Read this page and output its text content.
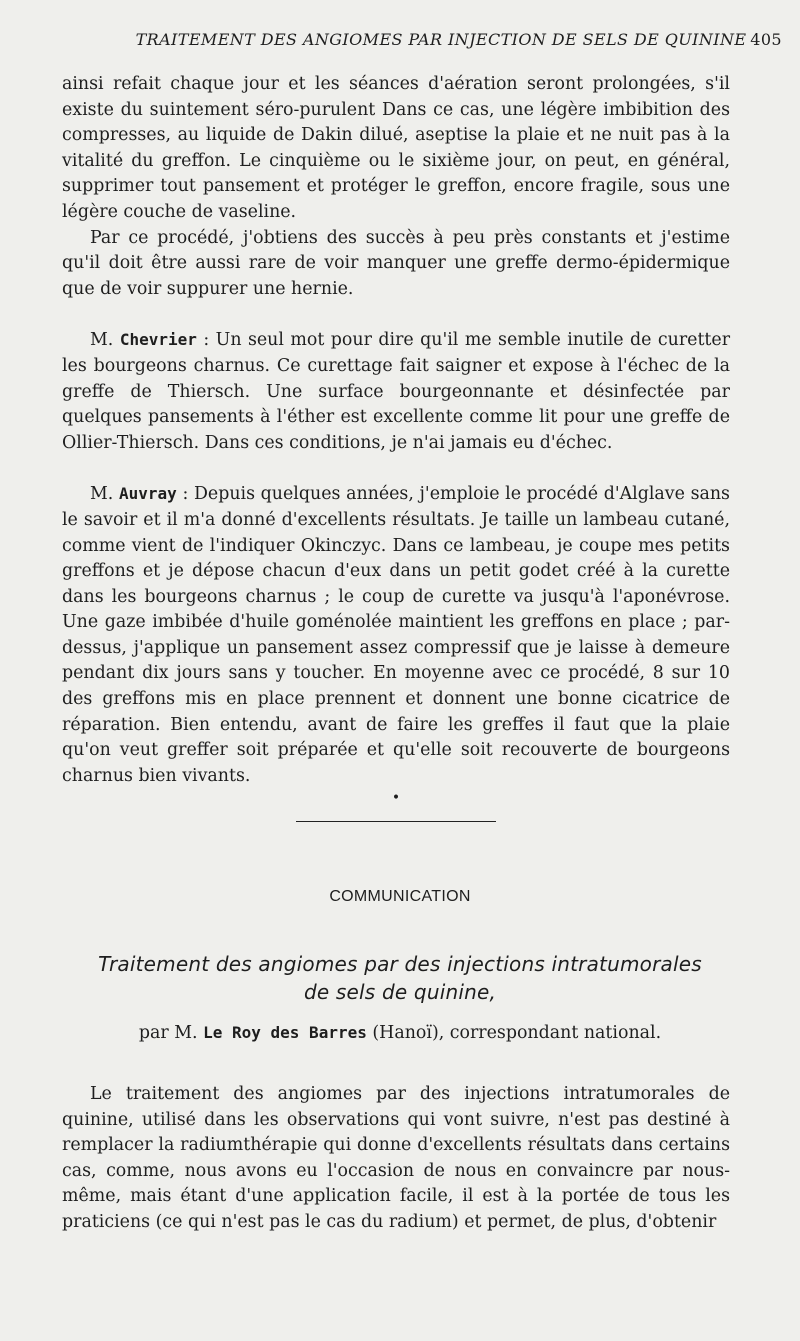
TRAITEMENT DES ANGIOMES PAR INJECTION DE SELS DE QUININE 405

ainsi refait chaque jour et les séances d'aération seront prolongées, s'il existe du suintement séro-purulent Dans ce cas, une légère imbibition des compresses, au liquide de Dakin dilué, aseptise la plaie et ne nuit pas à la vitalité du greffon. Le cinquième ou le sixième jour, on peut, en général, supprimer tout pansement et protéger le greffon, encore fragile, sous une légère couche de vaseline.

Par ce procédé, j'obtiens des succès à peu près constants et j'estime qu'il doit être aussi rare de voir manquer une greffe dermo-épidermique que de voir suppurer une hernie.

M. Chevrier : Un seul mot pour dire qu'il me semble inutile de curetter les bourgeons charnus. Ce curettage fait saigner et expose à l'échec de la greffe de Thiersch. Une surface bourgeonnante et désinfectée par quelques pansements à l'éther est excellente comme lit pour une greffe de Ollier-Thiersch. Dans ces conditions, je n'ai jamais eu d'échec.

M. Auvray : Depuis quelques années, j'emploie le procédé d'Alglave sans le savoir et il m'a donné d'excellents résultats. Je taille un lambeau cutané, comme vient de l'indiquer Okinczyc. Dans ce lambeau, je coupe mes petits greffons et je dépose chacun d'eux dans un petit godet créé à la curette dans les bourgeons charnus ; le coup de curette va jusqu'à l'aponévrose. Une gaze imbibée d'huile goménolée maintient les greffons en place ; par-dessus, j'applique un pansement assez compressif que je laisse à demeure pendant dix jours sans y toucher. En moyenne avec ce procédé, 8 sur 10 des greffons mis en place prennent et donnent une bonne cicatrice de réparation. Bien entendu, avant de faire les greffes il faut que la plaie qu'on veut greffer soit préparée et qu'elle soit recouverte de bourgeons charnus bien vivants.

•

COMMUNICATION
Traitement des angiomes par des injections intratumorales
de sels de quinine,
par M. Le Roy des Barres (Hanoï), correspondant national.

Le traitement des angiomes par des injections intratumorales de quinine, utilisé dans les observations qui vont suivre, n'est pas destiné à remplacer la radiumthérapie qui donne d'excellents résultats dans certains cas, comme, nous avons eu l'occasion de nous en convaincre par nous-même, mais étant d'une application facile, il est à la portée de tous les praticiens (ce qui n'est pas le cas du radium) et permet, de plus, d'obtenir
